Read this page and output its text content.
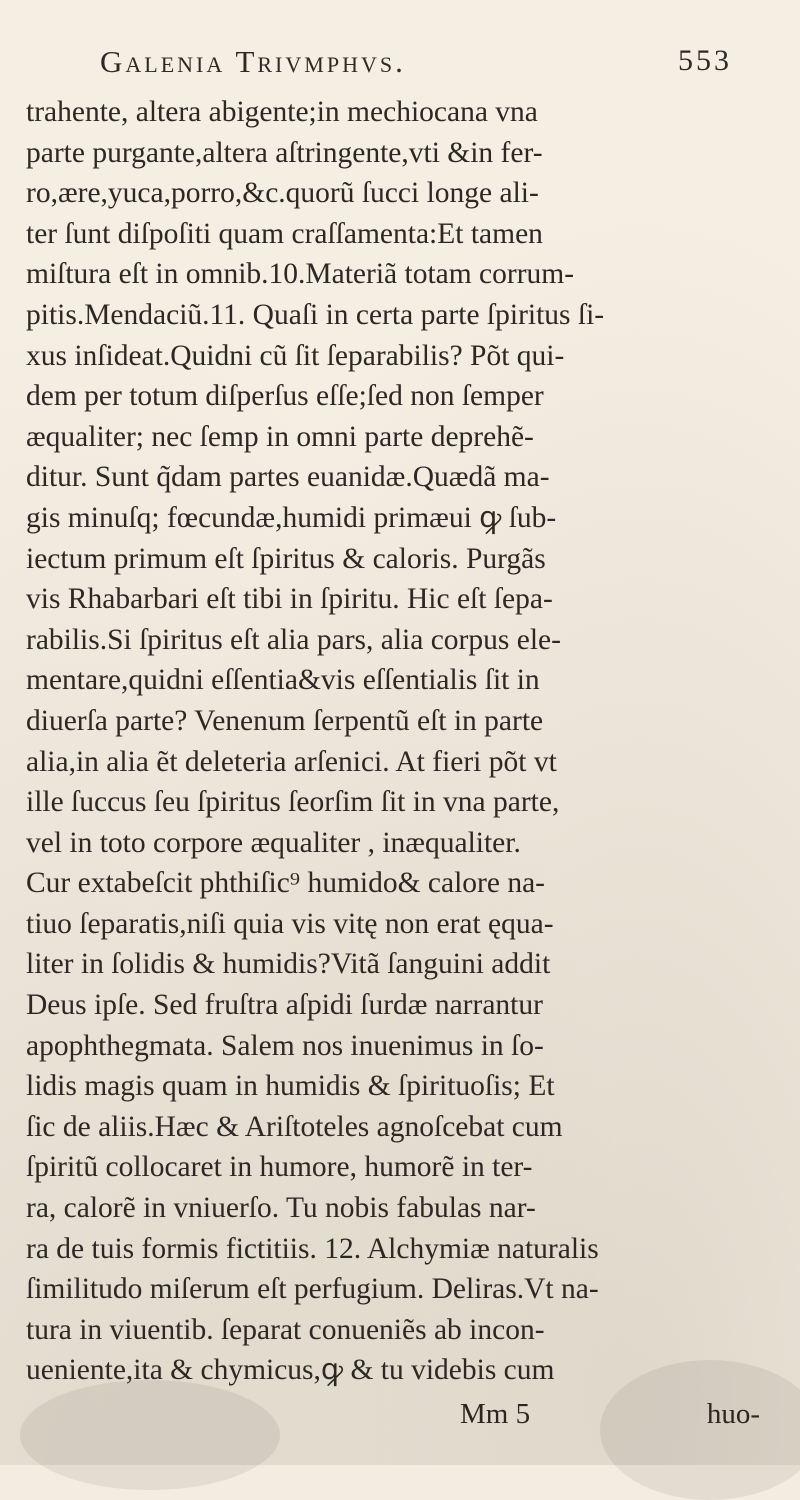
Galenia Trivmphvs.	553
trahente, altera abigente;in mechiocana vna
parte purgante,altera aſtringente,vti &in fer-
ro,ære,yuca,porro,&c.quorũ ſucci longe ali-
ter ſunt diſpoſiti quam craſſamenta:Et tamen
miſtura eſt in omnib.10.Materiã totam corrum-
pitis.Mendaciũ.11. Quaſi in certa parte ſpiritus ſi-
xus inſideat.Quidni cũ ſit ſeparabilis? Põt qui-
dem per totum diſperſus eſſe;ſed non ſemper
æqualiter; nec ſemp in omni parte deprehẽ-
ditur. Sunt q̃dam partes euanidæ.Quædã ma-
gis minuſq; fœcundæ,humidi primæui ꝙ ſub-
iectum primum eſt ſpiritus & caloris. Purgãs
vis Rhabarbari eſt tibi in ſpiritu. Hic eſt ſepa-
rabilis.Si ſpiritus eſt alia pars, alia corpus ele-
mentare,quidni eſſentia&vis eſſentialis ſit in
diuerſa parte? Venenum ſerpentũ eſt in parte
alia,in alia ẽt deleteria arſenici. At fieri põt vt
ille ſuccus ſeu ſpiritus ſeorſim ſit in vna parte,
vel in toto corpore æqualiter , inæqualiter.
Cur extabeſcit phthiſic⁹ humido& calore na-
tiuo ſeparatis,niſi quia vis vitę non erat ęqua-
liter in ſolidis & humidis?Vitã ſanguini addit
Deus ipſe. Sed fruſtra aſpidi ſurdæ narrantur
apophthegmata. Salem nos inuenimus in ſo-
lidis magis quam in humidis & ſpirituoſis; Et
ſic de aliis.Hæc & Ariſtoteles agnoſcebat cum
ſpiritũ collocaret in humore, humorẽ in ter-
ra, calorẽ in vniuerſo. Tu nobis fabulas nar-
ra de tuis formis fictitiis. 12. Alchymiæ naturalis
ſimilitudo miſerum eſt perfugium. Deliras.Vt na-
tura in viuentib. ſeparat conueniẽs ab incon-
ueniente,ita & chymicus,ꝙ & tu videbis cum
Mm 5	huo-
